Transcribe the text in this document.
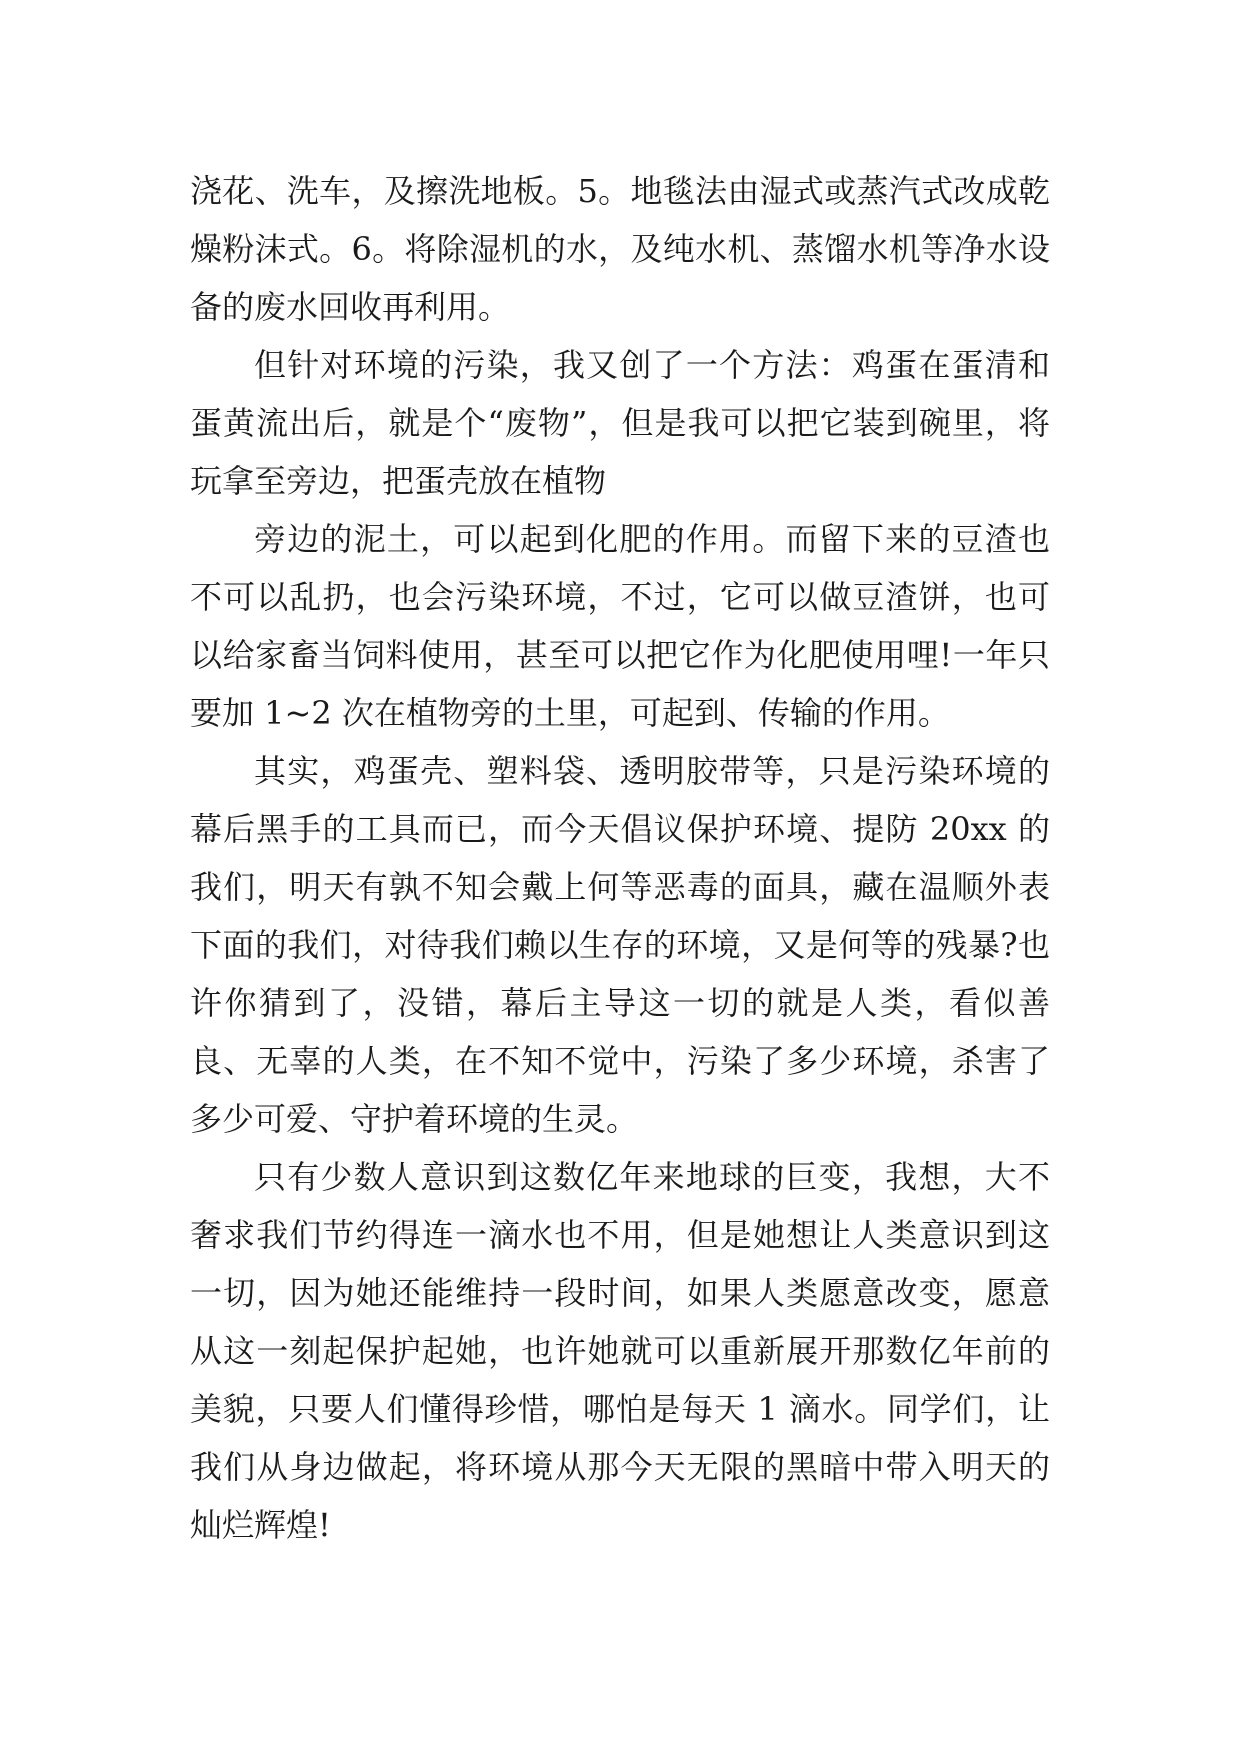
浇花、洗车，及擦洗地板。5。地毯法由湿式或蒸汽式改成乾燥粉沫式。6。将除湿机的水，及纯水机、蒸馏水机等净水设备的废水回收再利用。

但针对环境的污染，我又创了一个方法：鸡蛋在蛋清和蛋黄流出后，就是个“废物”，但是我可以把它装到碗里，将玩拿至旁边，把蛋壳放在植物

旁边的泥土，可以起到化肥的作用。而留下来的豆渣也不可以乱扔，也会污染环境，不过，它可以做豆渣饼，也可以给家畜当饲料使用，甚至可以把它作为化肥使用哩!一年只要加 1~2 次在植物旁的土里，可起到、传输的作用。

其实，鸡蛋壳、塑料袋、透明胶带等，只是污染环境的幕后黑手的工具而已，而今天倡议保护环境、提防 20xx 的我们，明天有孰不知会戴上何等恶毒的面具，藏在温顺外表下面的我们，对待我们赖以生存的环境，又是何等的残暴?也许你猜到了，没错，幕后主导这一切的就是人类，看似善良、无辜的人类，在不知不觉中，污染了多少环境，杀害了多少可爱、守护着环境的生灵。

只有少数人意识到这数亿年来地球的巨变，我想，大不奢求我们节约得连一滴水也不用，但是她想让人类意识到这一切，因为她还能维持一段时间，如果人类愿意改变，愿意从这一刻起保护起她，也许她就可以重新展开那数亿年前的美貌，只要人们懂得珍惜，哪怕是每天 1 滴水。同学们，让我们从身边做起，将环境从那今天无限的黑暗中带入明天的灿烂辉煌!
